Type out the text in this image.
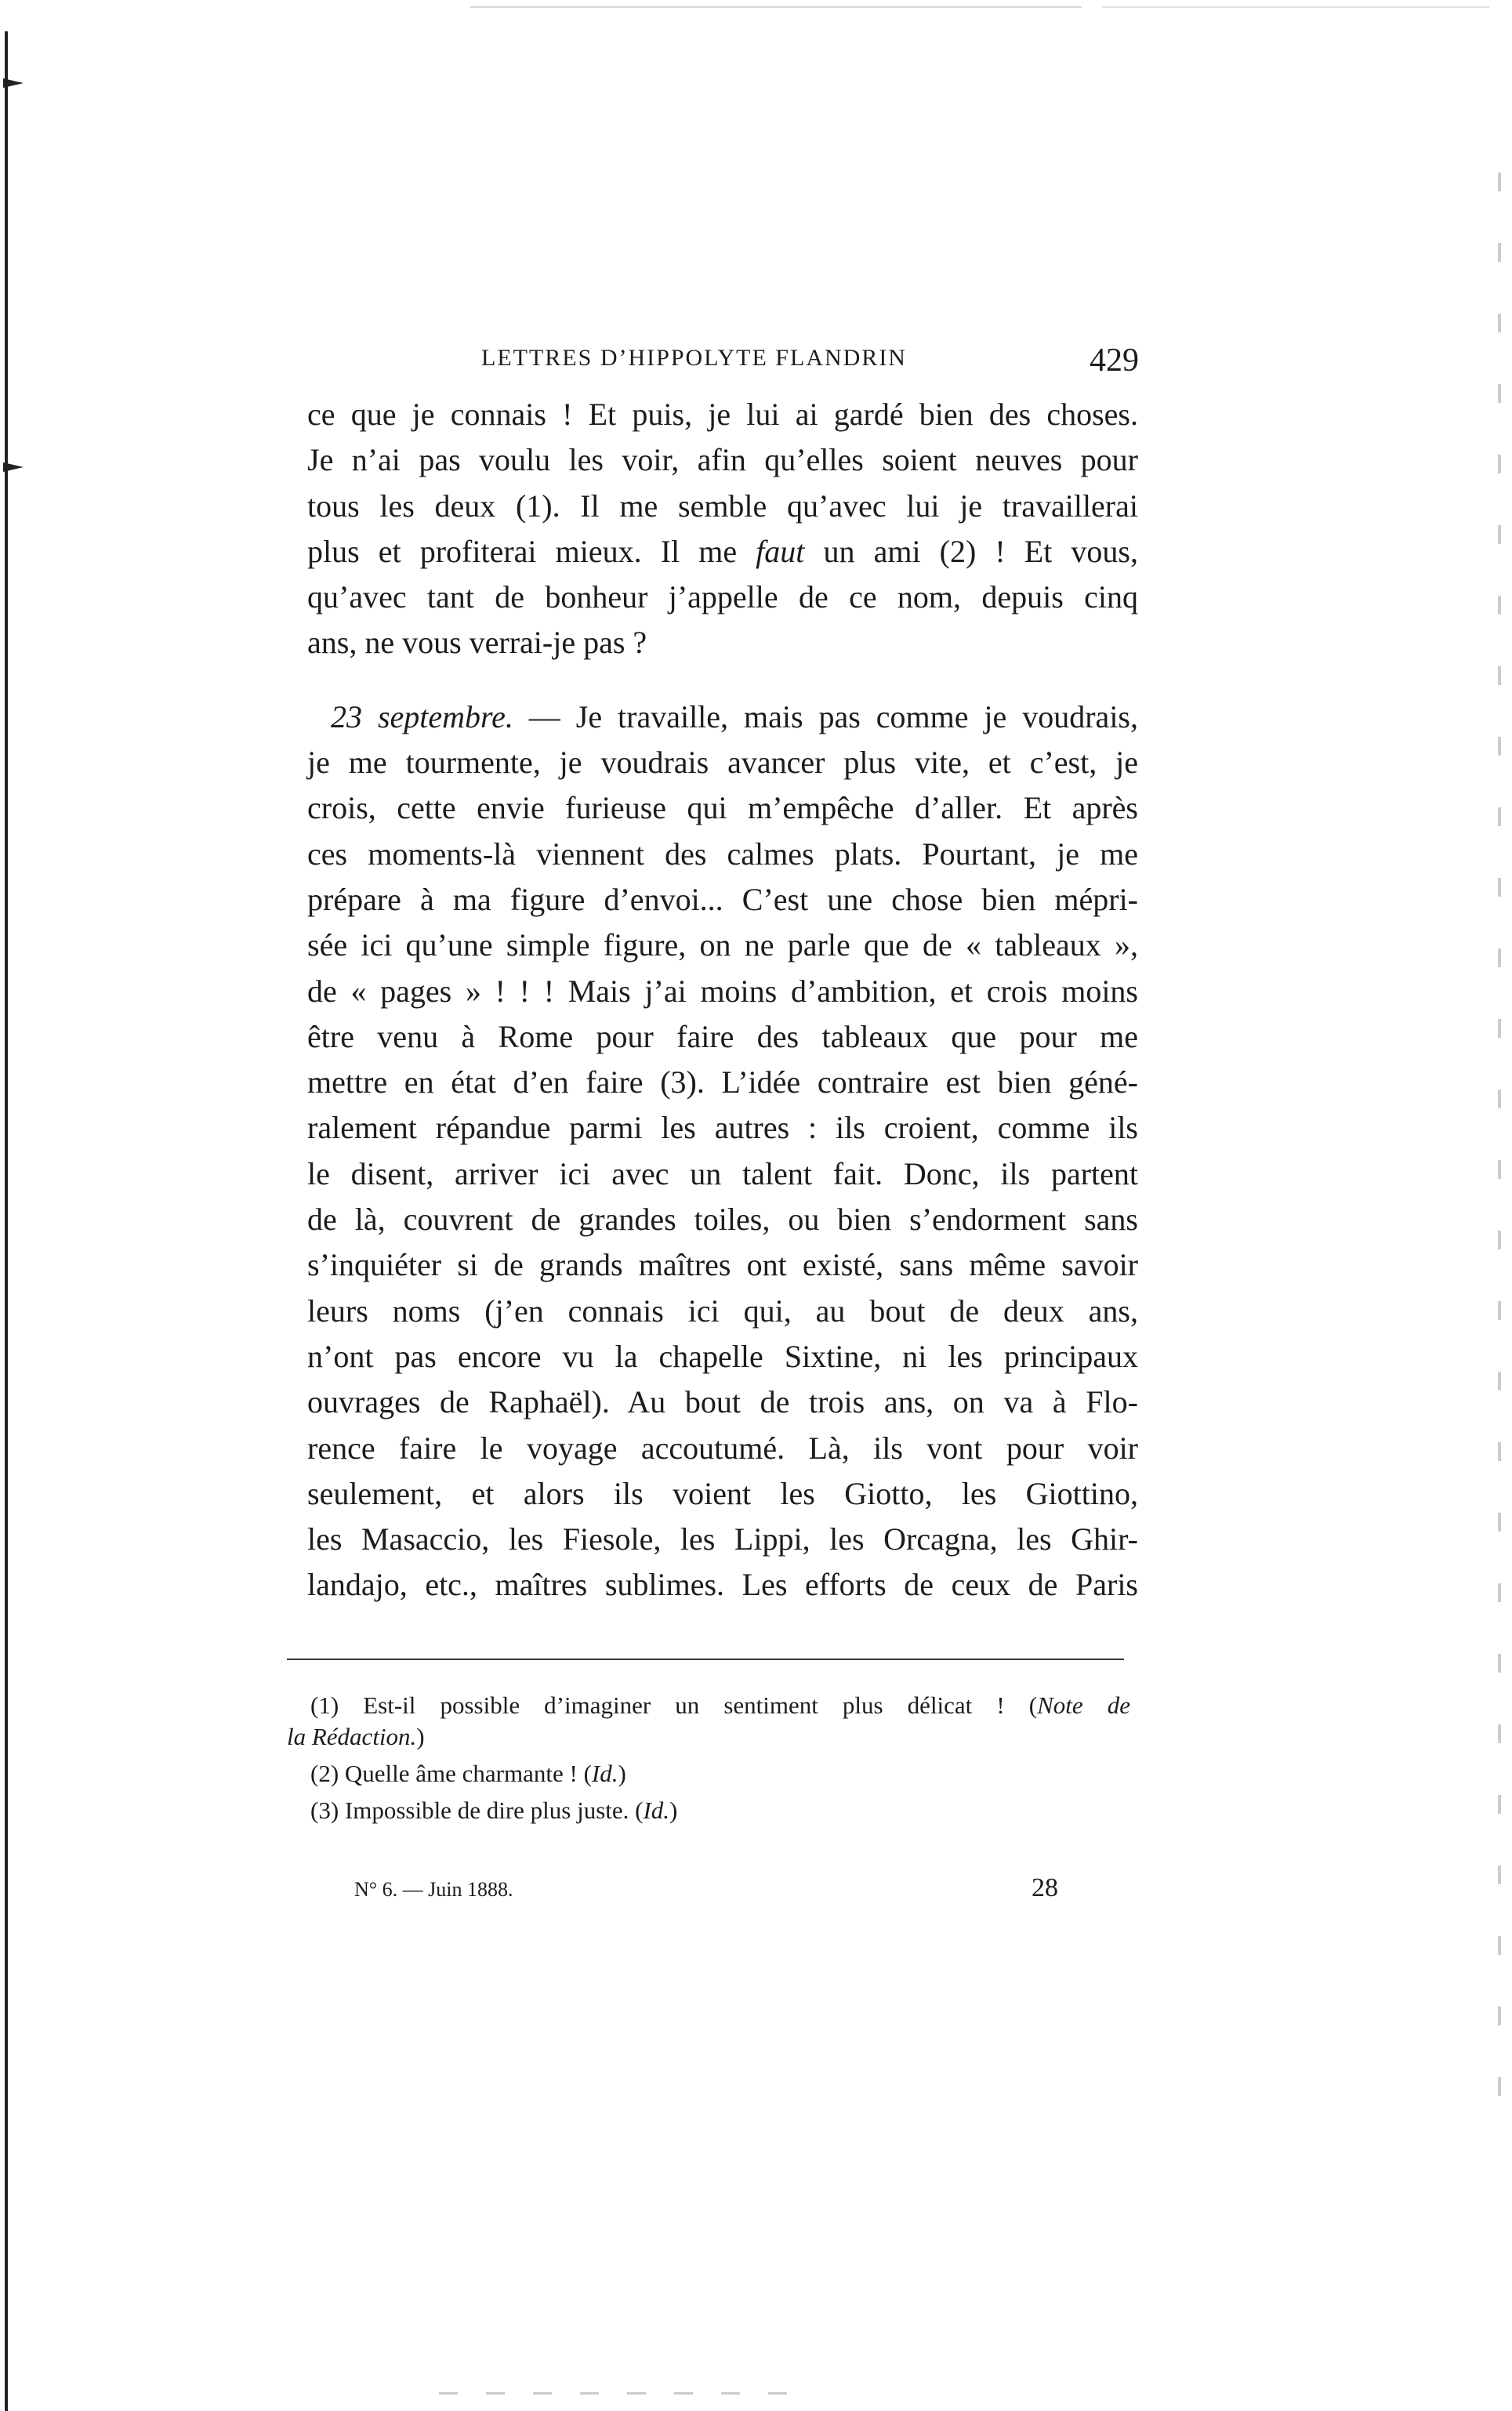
LETTRES D’HIPPOLYTE FLANDRIN	429
ce que je connais ! Et puis, je lui ai gardé bien des choses.
Je n’ai pas voulu les voir, afin qu’elles soient neuves pour
tous les deux (1). Il me semble qu’avec lui je travaillerai
plus et profiterai mieux. Il me faut un ami (2) ! Et vous,
qu’avec tant de bonheur j’appelle de ce nom, depuis cinq
ans, ne vous verrai-je pas ?
23 septembre. — Je travaille, mais pas comme je voudrais,
je me tourmente, je voudrais avancer plus vite, et c’est, je
crois, cette envie furieuse qui m’empêche d’aller. Et après
ces moments-là viennent des calmes plats. Pourtant, je me
prépare à ma figure d’envoi... C’est une chose bien mépri-
sée ici qu’une simple figure, on ne parle que de « tableaux »,
de « pages » ! ! ! Mais j’ai moins d’ambition, et crois moins
être venu à Rome pour faire des tableaux que pour me
mettre en état d’en faire (3). L’idée contraire est bien géné-
ralement répandue parmi les autres : ils croient, comme ils
le disent, arriver ici avec un talent fait. Donc, ils partent
de là, couvrent de grandes toiles, ou bien s’endorment sans
s’inquiéter si de grands maîtres ont existé, sans même savoir
leurs noms (j’en connais ici qui, au bout de deux ans,
n’ont pas encore vu la chapelle Sixtine, ni les principaux
ouvrages de Raphaël). Au bout de trois ans, on va à Flo-
rence faire le voyage accoutumé. Là, ils vont pour voir
seulement, et alors ils voient les Giotto, les Giottino,
les Masaccio, les Fiesole, les Lippi, les Orcagna, les Ghir-
landajo, etc., maîtres sublimes. Les efforts de ceux de Paris
(1) Est-il possible d’imaginer un sentiment plus délicat ! (Note de
la Rédaction.)
(2) Quelle âme charmante ! (Id.)
(3) Impossible de dire plus juste. (Id.)
N° 6. — Juin 1888.	28
